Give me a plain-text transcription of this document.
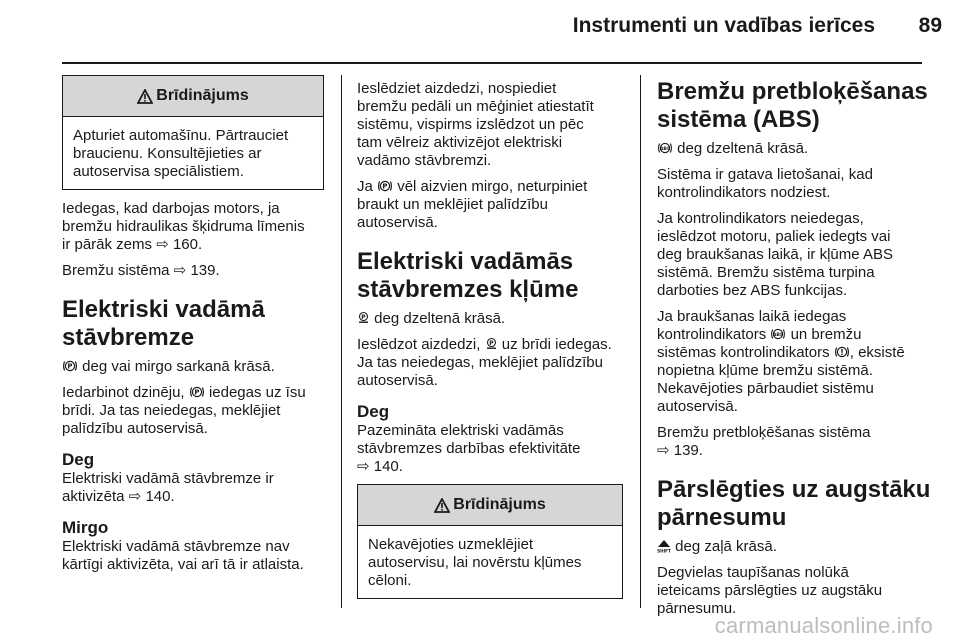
Instrumenti un vadības ierīces	89
Brīdinājums
Apturiet automašīnu. Pārtrauciet
braucienu. Konsultējieties ar
autoservisa speciālistiem.

Iedegas, kad darbojas motors, ja
bremžu hidraulikas šķidruma līmenis
ir pārāk zems ⇨ 160.

Bremžu sistēma ⇨ 139.

Elektriski vadāmā
stāvbremze

P deg vai mirgo sarkanā krāsā.

Iedarbinot dzinēju, P iedegas uz īsu
brīdi. Ja tas neiedegas, meklējiet
palīdzību autoservisā.

Deg

Elektriski vadāmā stāvbremze ir
aktivizēta ⇨ 140.

Mirgo

Elektriski vadāmā stāvbremze nav
kārtīgi aktivizēta, vai arī tā ir atlaista.

Ieslēdziet aizdedzi, nospiediet
bremžu pedāli un mēģiniet atiestatīt
sistēmu, vispirms izslēdzot un pēc
tam vēlreiz aktivizējot elektriski
vadāmo stāvbremzi.

Ja P vēl aizvien mirgo, neturpiniet
braukt un meklējiet palīdzību
autoservisā.

Elektriski vadāmās
stāvbremzes kļūme

P deg dzeltenā krāsā.

Ieslēdzot aizdedzi, P uz brīdi iedegas.
Ja tas neiedegas, meklējiet palīdzību
autoservisā.

Deg

Pazemināta elektriski vadāmās
stāvbremzes darbības efektivitāte
⇨ 140.

Brīdinājums
Nekavējoties uzmeklējiet
autoservisu, lai novērstu kļūmes
cēloni.
Bremžu pretbloķēšanas
sistēma (ABS)

ABS deg dzeltenā krāsā.

Sistēma ir gatava lietošanai, kad
kontrolindikators nodziest.

Ja kontrolindikators neiedegas,
ieslēdzot motoru, paliek iedegts vai
deg braukšanas laikā, ir kļūme ABS
sistēmā. Bremžu sistēma turpina
darboties bez ABS funkcijas.

Ja braukšanas laikā iedegas
kontrolindikators ABS un bremžu
sistēmas kontrolindikators , eksistē
nopietna kļūme bremžu sistēmā.
Nekavējoties pārbaudiet sistēmu
autoservisā.

Bremžu pretbloķēšanas sistēma
⇨ 139.

Pārslēgties uz augstāku
pārnesumu

SHIFT deg zaļā krāsā.

Degvielas taupīšanas nolūkā
ieteicams pārslēgties uz augstāku
pārnesumu.

carmanualsonline.info
